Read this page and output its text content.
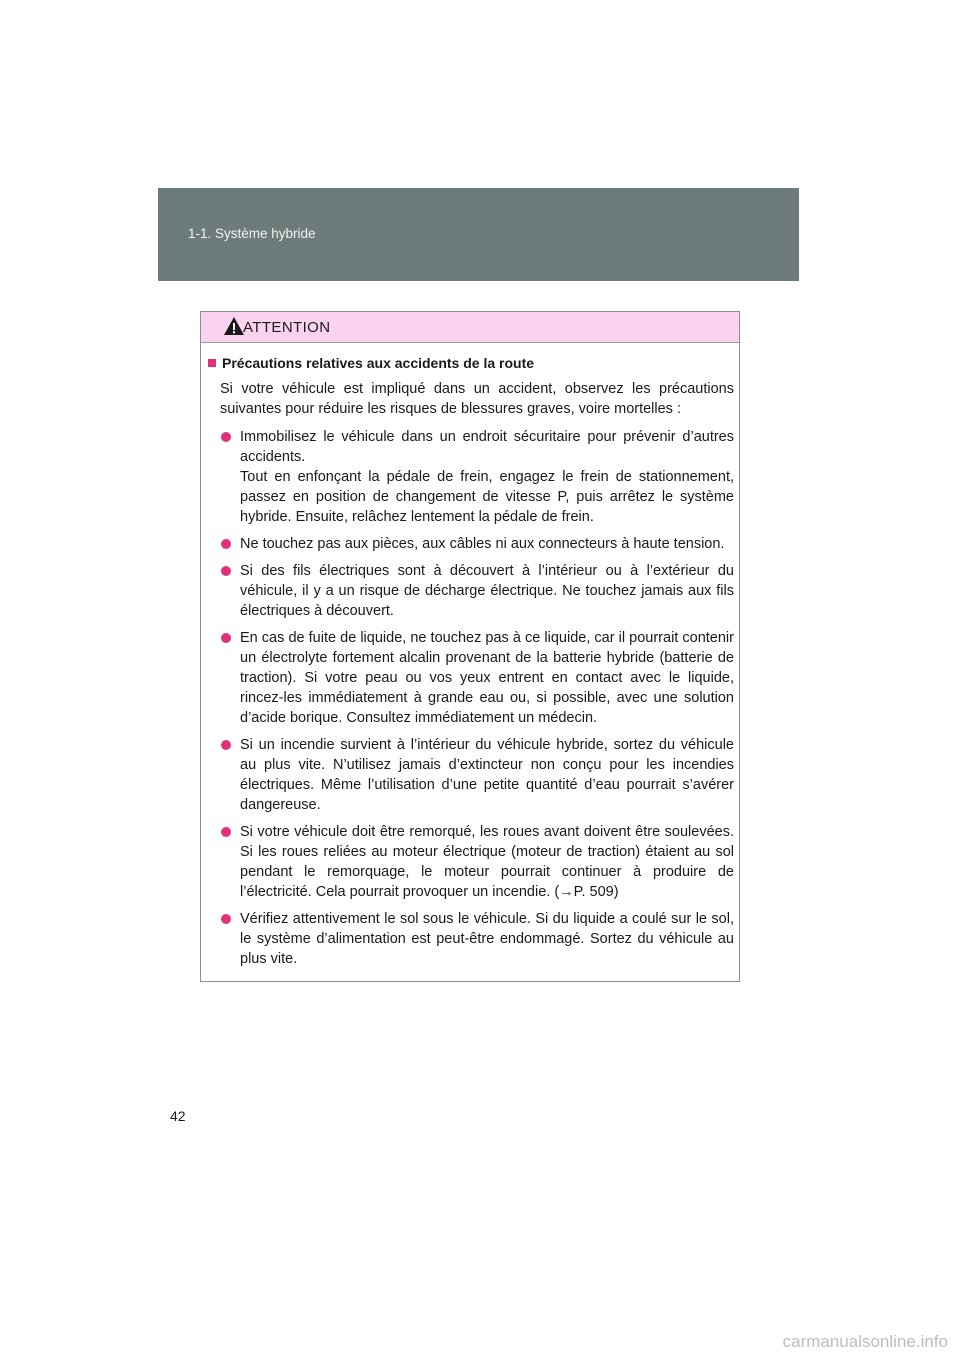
1-1. Système hybride
ATTENTION
Précautions relatives aux accidents de la route

Si votre véhicule est impliqué dans un accident, observez les précautions suivantes pour réduire les risques de blessures graves, voire mortelles :

Immobilisez le véhicule dans un endroit sécuritaire pour prévenir d’autres accidents.
Tout en enfonçant la pédale de frein, engagez le frein de stationnement, passez en position de changement de vitesse P, puis arrêtez le système hybride. Ensuite, relâchez lentement la pédale de frein.
Ne touchez pas aux pièces, aux câbles ni aux connecteurs à haute tension.
Si des fils électriques sont à découvert à l’intérieur ou à l’extérieur du véhicule, il y a un risque de décharge électrique. Ne touchez jamais aux fils électriques à découvert.
En cas de fuite de liquide, ne touchez pas à ce liquide, car il pourrait contenir un électrolyte fortement alcalin provenant de la batterie hybride (batterie de traction). Si votre peau ou vos yeux entrent en contact avec le liquide, rincez-les immédiatement à grande eau ou, si possible, avec une solution d’acide borique. Consultez immédiatement un médecin.
Si un incendie survient à l’intérieur du véhicule hybride, sortez du véhicule au plus vite. N’utilisez jamais d’extincteur non conçu pour les incendies électriques. Même l’utilisation d’une petite quantité d’eau pourrait s’avérer dangereuse.
Si votre véhicule doit être remorqué, les roues avant doivent être soulevées. Si les roues reliées au moteur électrique (moteur de traction) étaient au sol pendant le remorquage, le moteur pourrait continuer à produire de l’électricité. Cela pourrait provoquer un incendie. (→P. 509)
Vérifiez attentivement le sol sous le véhicule. Si du liquide a coulé sur le sol, le système d’alimentation est peut-être endommagé. Sortez du véhicule au plus vite.
42
carmanualsonline.info
